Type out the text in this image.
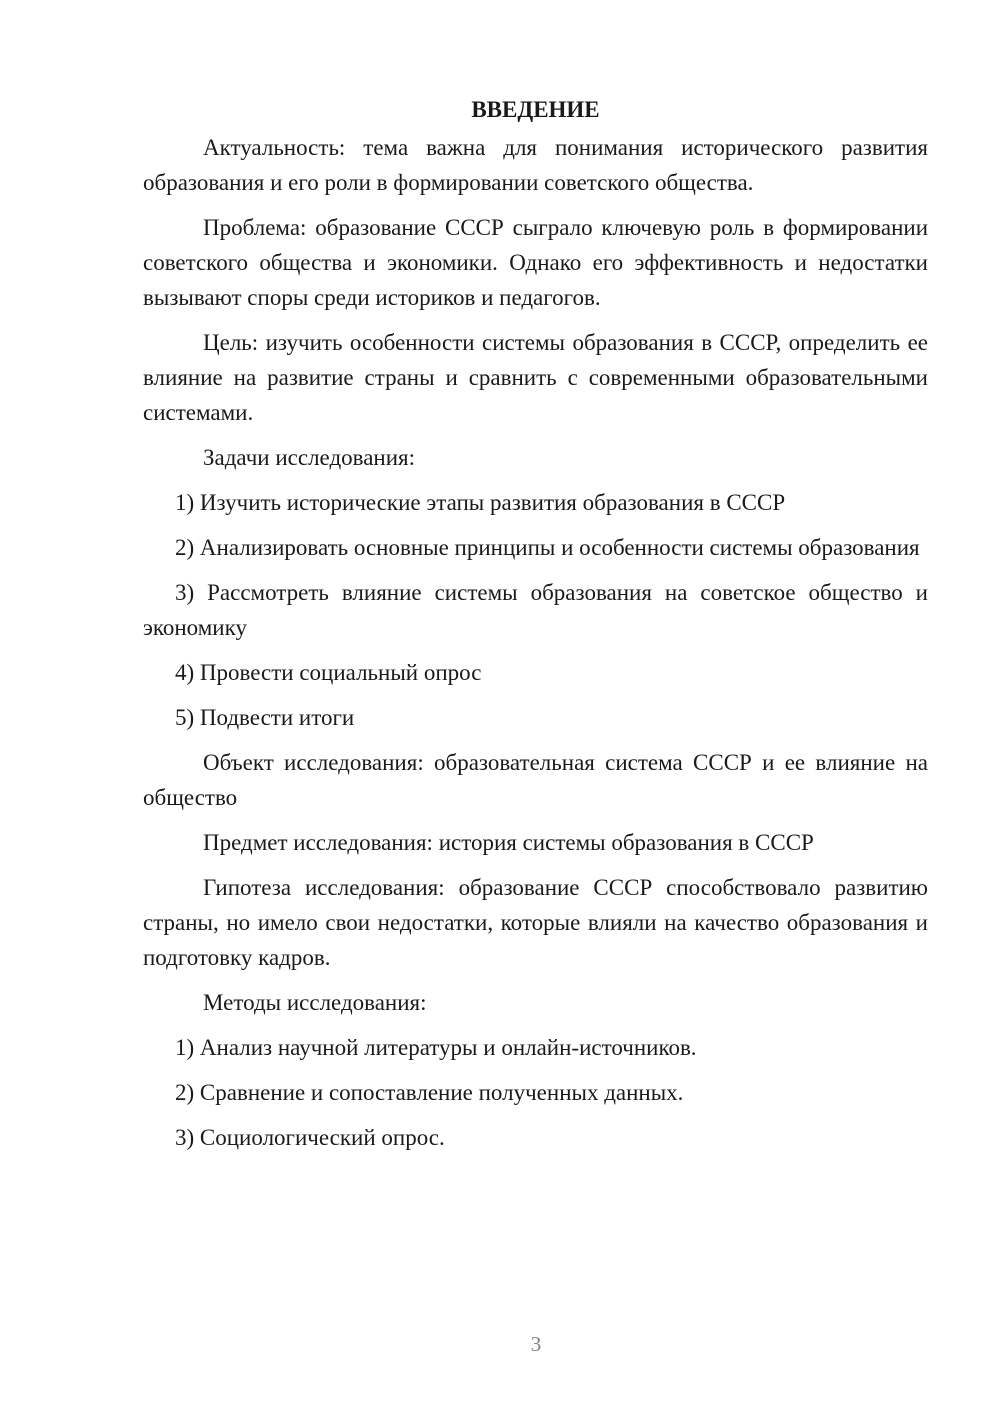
ВВЕДЕНИЕ

Актуальность: тема важна для понимания исторического развития образования и его роли в формировании советского общества.

Проблема: образование СССР сыграло ключевую роль в формировании советского общества и экономики. Однако его эффективность и недостатки вызывают споры среди историков и педагогов.

Цель: изучить особенности системы образования в СССР, определить ее влияние на развитие страны и сравнить с современными образовательными системами.

Задачи исследования:

1) Изучить исторические этапы развития образования в СССР

2) Анализировать основные принципы и особенности системы образования

3) Рассмотреть влияние системы образования на советское общество и экономику

4) Провести социальный опрос

5) Подвести итоги

Объект исследования: образовательная система СССР и ее влияние на общество

Предмет исследования: история системы образования в СССР

Гипотеза исследования: образование СССР способствовало развитию страны, но имело свои недостатки, которые влияли на качество образования и подготовку кадров.

Методы исследования:

1) Анализ научной литературы и онлайн-источников.

2) Сравнение и сопоставление полученных данных.

3) Социологический опрос.

3
